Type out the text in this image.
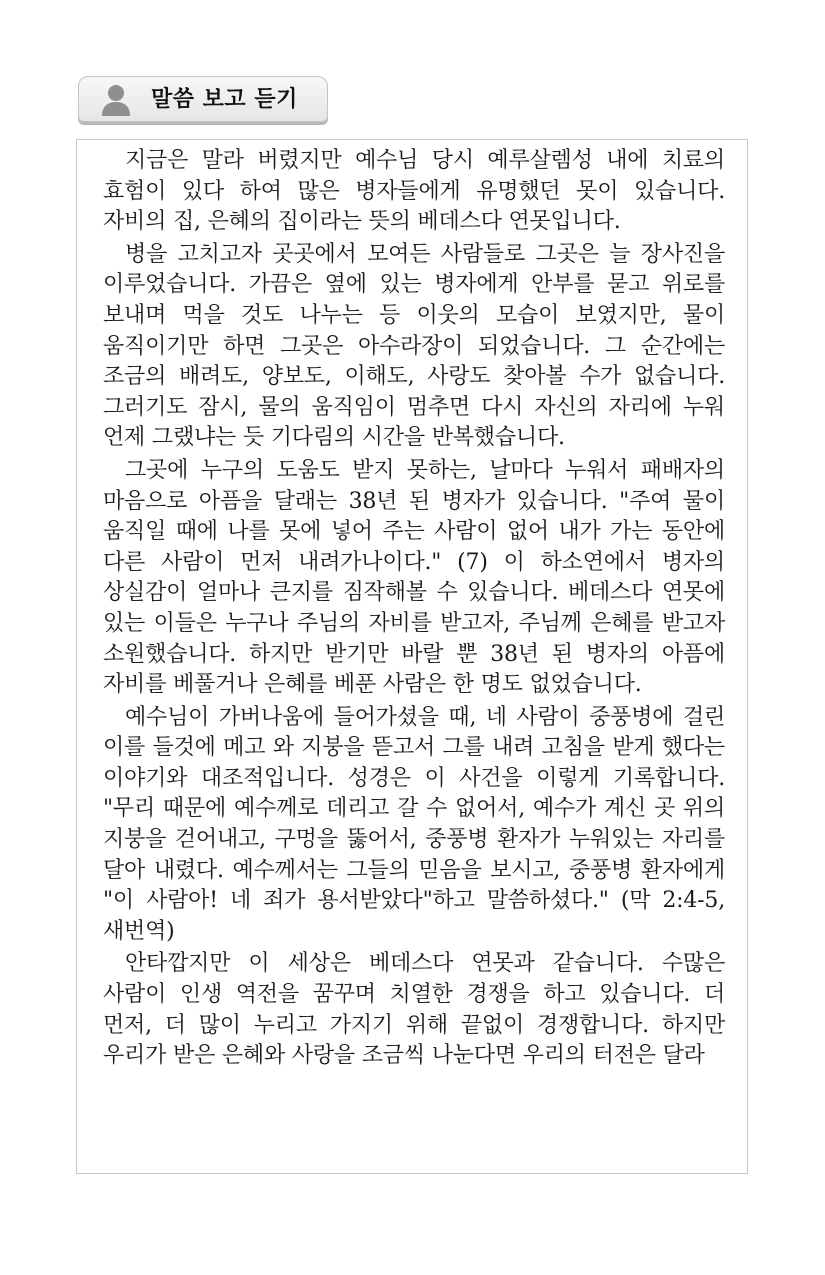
말씀 보고 듣기

지금은 말라 버렸지만 예수님 당시 예루살렘성 내에 치료의 효험이 있다 하여 많은 병자들에게 유명했던 못이 있습니다. 자비의 집, 은혜의 집이라는 뜻의 베데스다 연못입니다.

병을 고치고자 곳곳에서 모여든 사람들로 그곳은 늘 장사진을 이루었습니다. 가끔은 옆에 있는 병자에게 안부를 묻고 위로를 보내며 먹을 것도 나누는 등 이웃의 모습이 보였지만, 물이 움직이기만 하면 그곳은 아수라장이 되었습니다. 그 순간에는 조금의 배려도, 양보도, 이해도, 사랑도 찾아볼 수가 없습니다. 그러기도 잠시, 물의 움직임이 멈추면 다시 자신의 자리에 누워 언제 그랬냐는 듯 기다림의 시간을 반복했습니다.

그곳에 누구의 도움도 받지 못하는, 날마다 누워서 패배자의 마음으로 아픔을 달래는 38년 된 병자가 있습니다. "주여 물이 움직일 때에 나를 못에 넣어 주는 사람이 없어 내가 가는 동안에 다른 사람이 먼저 내려가나이다." (7) 이 하소연에서 병자의 상실감이 얼마나 큰지를 짐작해볼 수 있습니다. 베데스다 연못에 있는 이들은 누구나 주님의 자비를 받고자, 주님께 은혜를 받고자 소원했습니다. 하지만 받기만 바랄 뿐 38년 된 병자의 아픔에 자비를 베풀거나 은혜를 베푼 사람은 한 명도 없었습니다.

예수님이 가버나움에 들어가셨을 때, 네 사람이 중풍병에 걸린 이를 들것에 메고 와 지붕을 뜯고서 그를 내려 고침을 받게 했다는 이야기와 대조적입니다. 성경은 이 사건을 이렇게 기록합니다. "무리 때문에 예수께로 데리고 갈 수 없어서, 예수가 계신 곳 위의 지붕을 걷어내고, 구멍을 뚫어서, 중풍병 환자가 누워있는 자리를 달아 내렸다. 예수께서는 그들의 믿음을 보시고, 중풍병 환자에게 "이 사람아! 네 죄가 용서받았다"하고 말씀하셨다." (막 2:4-5, 새번역)

안타깝지만 이 세상은 베데스다 연못과 같습니다. 수많은 사람이 인생 역전을 꿈꾸며 치열한 경쟁을 하고 있습니다. 더 먼저, 더 많이 누리고 가지기 위해 끝없이 경쟁합니다. 하지만 우리가 받은 은혜와 사랑을 조금씩 나눈다면 우리의 터전은 달라
